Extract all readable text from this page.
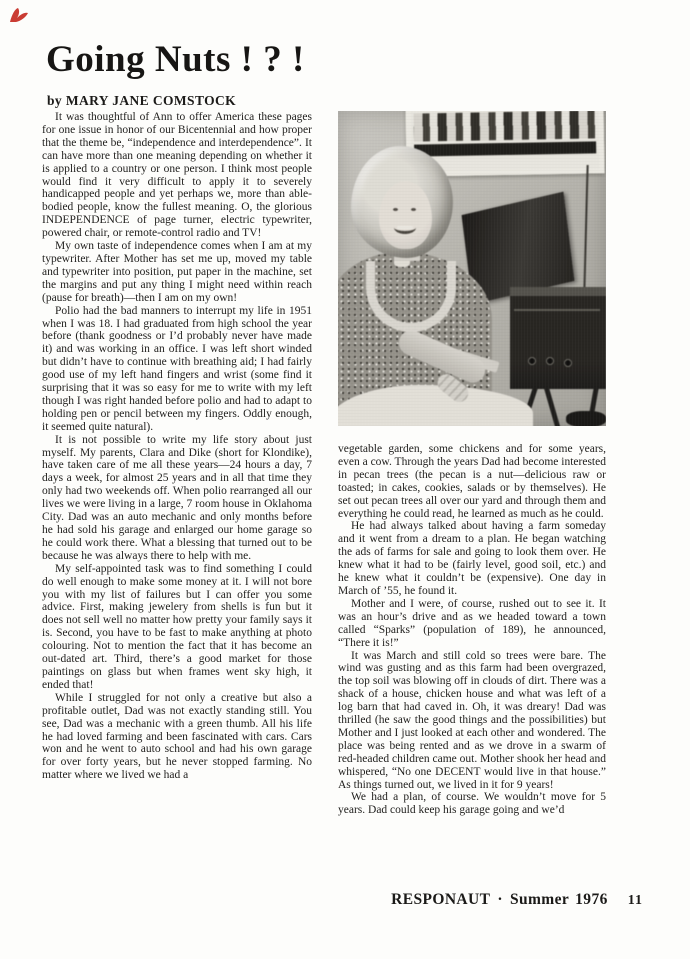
Going Nuts ! ? !
by MARY JANE COMSTOCK

It was thoughtful of Ann to offer America these pages for one issue in honor of our Bicentennial and how proper that the theme be, “independence and interdependence”. It can have more than one meaning depending on whether it is applied to a country or one person. I think most people would find it very difficult to apply it to severely handicapped people and yet perhaps we, more than able-bodied people, know the fullest meaning. O, the glorious INDEPENDENCE of page turner, electric typewriter, powered chair, or remote-control radio and TV!

My own taste of independence comes when I am at my typewriter. After Mother has set me up, moved my table and typewriter into position, put paper in the machine, set the margins and put any thing I might need within reach (pause for breath)—then I am on my own!

Polio had the bad manners to interrupt my life in 1951 when I was 18. I had graduated from high school the year before (thank goodness or I’d probably never have made it) and was working in an office. I was left short winded but didn’t have to continue with breathing aid; I had fairly good use of my left hand fingers and wrist (some find it surprising that it was so easy for me to write with my left though I was right handed before polio and had to adapt to holding pen or pencil between my fingers. Oddly enough, it seemed quite natural).

It is not possible to write my life story about just myself. My parents, Clara and Dike (short for Klondike), have taken care of me all these years—24 hours a day, 7 days a week, for almost 25 years and in all that time they only had two weekends off. When polio rearranged all our lives we were living in a large, 7 room house in Oklahoma City. Dad was an auto mechanic and only months before he had sold his garage and enlarged our home garage so he could work there. What a blessing that turned out to be because he was always there to help with me.

My self-appointed task was to find something I could do well enough to make some money at it. I will not bore you with my list of failures but I can offer you some advice. First, making jewelery from shells is fun but it does not sell well no matter how pretty your family says it is. Second, you have to be fast to make anything at photo colouring. Not to mention the fact that it has become an out-dated art. Third, there’s a good market for those paintings on glass but when frames went sky high, it ended that!

While I struggled for not only a creative but also a profitable outlet, Dad was not exactly standing still. You see, Dad was a mechanic with a green thumb. All his life he had loved farming and been fascinated with cars. Cars won and he went to auto school and had his own garage for over forty years, but he never stopped farming. No matter where we lived we had a

vegetable garden, some chickens and for some years, even a cow. Through the years Dad had become interested in pecan trees (the pecan is a nut—delicious raw or toasted; in cakes, cookies, salads or by themselves). He set out pecan trees all over our yard and through them and everything he could read, he learned as much as he could.

He had always talked about having a farm someday and it went from a dream to a plan. He began watching the ads of farms for sale and going to look them over. He knew what it had to be (fairly level, good soil, etc.) and he knew what it couldn’t be (expensive). One day in March of ’55, he found it.

Mother and I were, of course, rushed out to see it. It was an hour’s drive and as we headed toward a town called “Sparks” (population of 189), he announced, “There it is!”

It was March and still cold so trees were bare. The wind was gusting and as this farm had been overgrazed, the top soil was blowing off in clouds of dirt. There was a shack of a house, chicken house and what was left of a log barn that had caved in. Oh, it was dreary! Dad was thrilled (he saw the good things and the possibilities) but Mother and I just looked at each other and wondered. The place was being rented and as we drove in a swarm of red-headed children came out. Mother shook her head and whispered, “No one DECENT would live in that house.” As things turned out, we lived in it for 9 years!

We had a plan, of course. We wouldn’t move for 5 years. Dad could keep his garage going and we’d

RESPONAUT · Summer 1976 11
